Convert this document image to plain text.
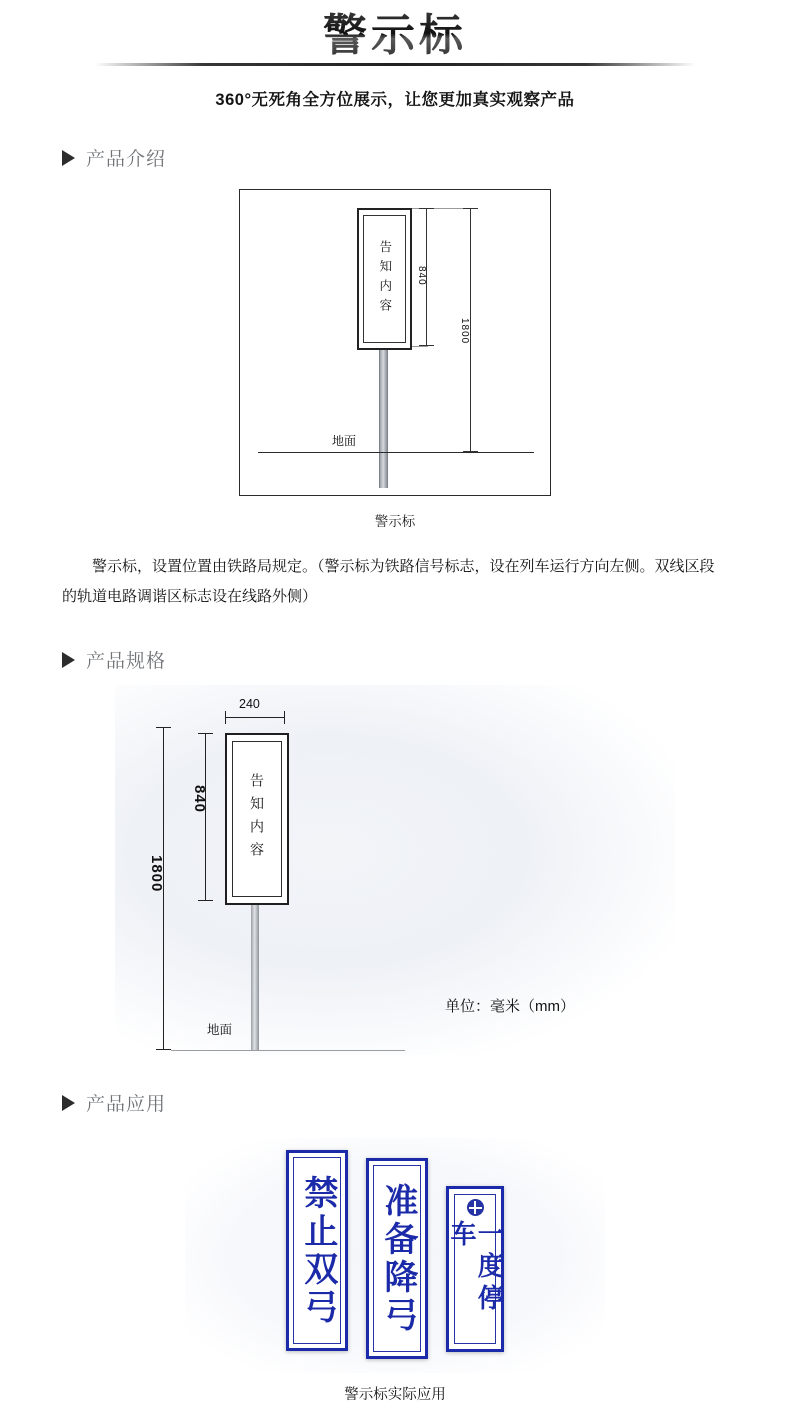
警示标
360°无死角全方位展示，让您更加真实观察产品
产品介绍
告知内容 840
1800
地面
警示标
警示标，设置位置由铁路局规定。（警示标为铁路信号标志，设在列车运行方向左侧。双线区段的轨道电路调谐区标志设在线路外侧）
产品规格
240
告知内容
840
1800
地面
单位：毫米（mm）
产品应用
禁止双弓 准备降弓	一度停车
警示标实际应用
